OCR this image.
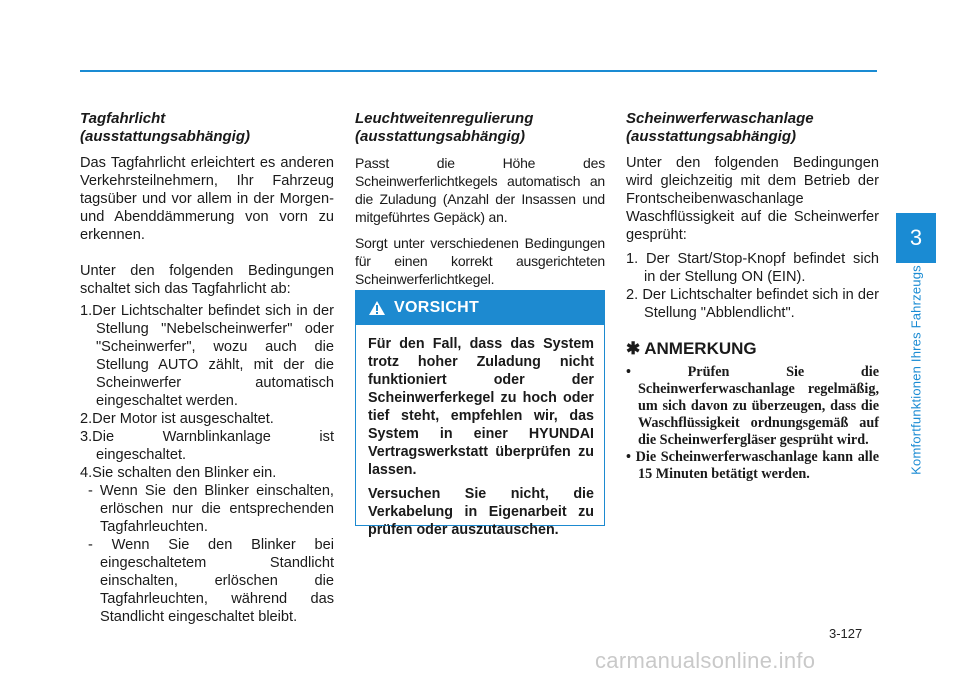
Tagfahrlicht
(ausstattungsabhängig)

Das Tagfahrlicht erleichtert es anderen Verkehrsteilnehmern, Ihr Fahrzeug tagsüber und vor allem in der Morgen- und Abenddämmerung von vorn zu erkennen.

Unter den folgenden Bedingungen schaltet sich das Tagfahrlicht ab:

1.Der Lichtschalter befindet sich in der Stellung "Nebelscheinwerfer" oder "Scheinwerfer", wozu auch die Stellung AUTO zählt, mit der die Scheinwerfer automatisch eingeschaltet werden.

2.Der Motor ist ausgeschaltet.

3.Die Warnblinkanlage ist eingeschaltet.

4.Sie schalten den Blinker ein.

- Wenn Sie den Blinker einschalten, erlöschen nur die entsprechenden Tagfahrleuchten.

- Wenn Sie den Blinker bei eingeschaltetem Standlicht einschalten, erlöschen die Tagfahrleuchten, während das Standlicht eingeschaltet bleibt.

Leuchtweitenregulierung
(ausstattungsabhängig)

Passt die Höhe des Scheinwerferlichtkegels automatisch an die Zuladung (Anzahl der Insassen und mitgeführtes Gepäck) an.

Sorgt unter verschiedenen Bedingungen für einen korrekt ausgerichteten Scheinwerferlichtkegel.

VORSICHT

Für den Fall, dass das System trotz hoher Zuladung nicht funktioniert oder der Scheinwerferkegel zu hoch oder tief steht, empfehlen wir, das System in einer HYUNDAI Vertragswerkstatt überprüfen zu lassen.

Versuchen Sie nicht, die Verkabelung in Eigenarbeit zu prüfen oder auszutauschen.

Scheinwerferwaschanlage
(ausstattungsabhängig)

Unter den folgenden Bedingungen wird gleichzeitig mit dem Betrieb der Frontscheibenwaschanlage Waschflüssigkeit auf die Scheinwerfer gesprüht:

1. Der Start/Stop-Knopf befindet sich in der Stellung ON (EIN).

2. Der Lichtschalter befindet sich in der Stellung "Abblendlicht".

✱ ANMERKUNG

• Prüfen Sie die Scheinwerferwaschanlage regelmäßig, um sich davon zu überzeugen, dass die Waschflüssigkeit ordnungsgemäß auf die Scheinwerfergläser gesprüht wird.

• Die Scheinwerferwaschanlage kann alle 15 Minuten betätigt werden.

3
Komfortfunktionen Ihres Fahrzeugs
3-127
carmanualsonline.info
